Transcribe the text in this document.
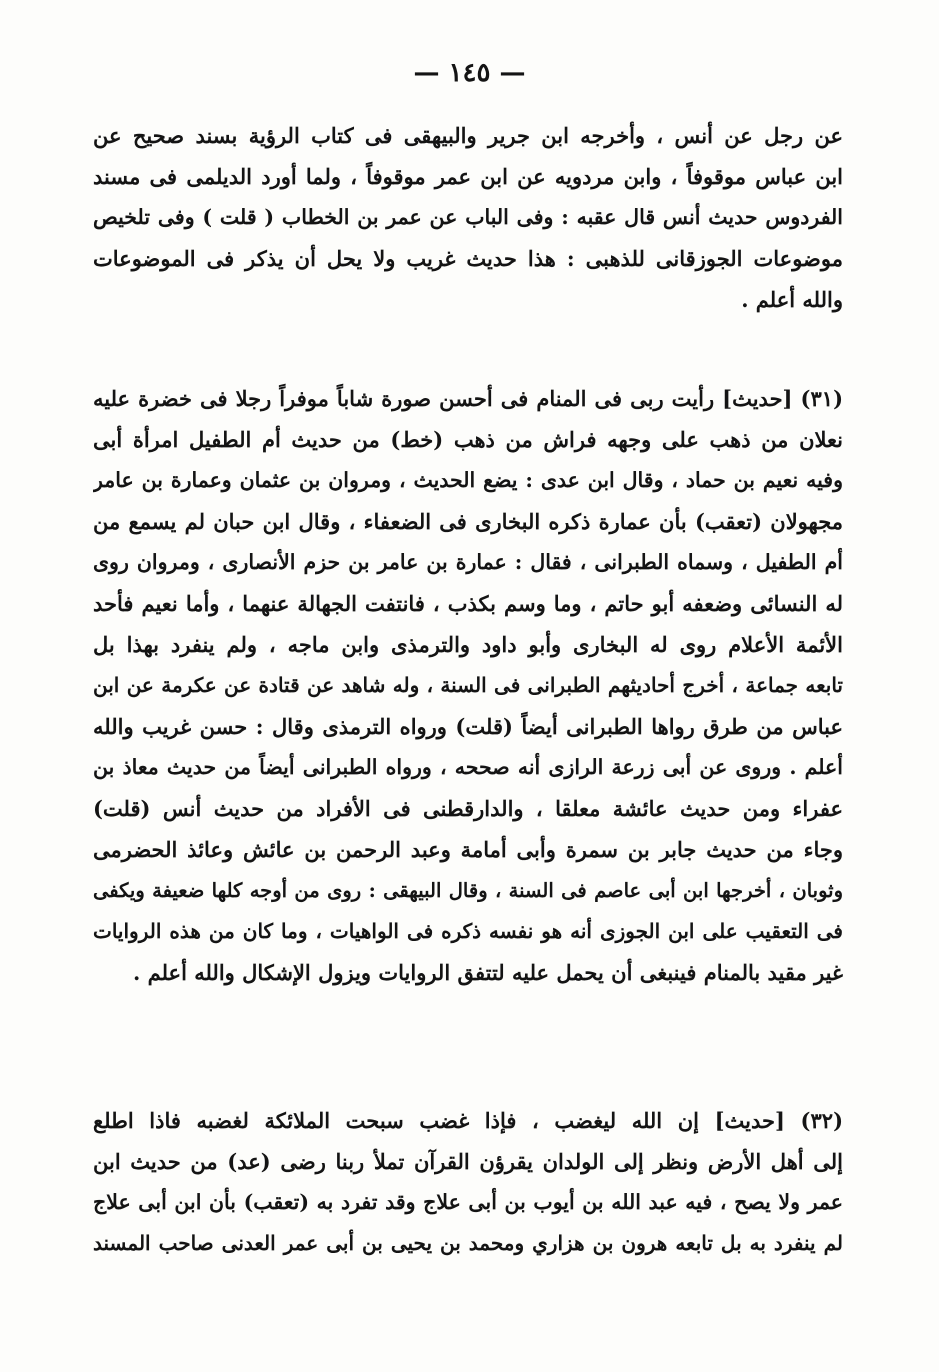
— ١٤٥ —
عن رجل عن أنس ، وأخرجه ابن جرير والبيهقى فى كتاب الرؤية بسند صحيح عن
ابن عباس موقوفاً ، وابن مردويه عن ابن عمر موقوفاً ، ولما أورد الديلمى فى مسند
الفردوس حديث أنس قال عقبه : وفى الباب عن عمر بن الخطاب ( قلت ) وفى تلخيص
موضوعات الجوزقانى للذهبى : هذا حديث غريب ولا يحل أن يذكر فى الموضوعات
والله أعلم .
(٣١) [حديث] رأيت ربى فى المنام فى أحسن صورة شاباً موفراً رجلا فى خضرة عليه
نعلان من ذهب على وجهه فراش من ذهب (خط) من حديث أم الطفيل امرأة أبى
وفيه نعيم بن حماد ، وقال ابن عدى : يضع الحديث ، ومروان بن عثمان وعمارة بن عامر
مجهولان (تعقب) بأن عمارة ذكره البخارى فى الضعفاء ، وقال ابن حبان لم يسمع من
أم الطفيل ، وسماه الطبرانى ، فقال : عمارة بن عامر بن حزم الأنصارى ، ومروان روى
له النسائى وضعفه أبو حاتم ، وما وسم بكذب ، فانتفت الجهالة عنهما ، وأما نعيم فأحد
الأئمة الأعلام روى له البخارى وأبو داود والترمذى وابن ماجه ، ولم ينفرد بهذا بل
تابعه جماعة ، أخرج أحاديثهم الطبرانى فى السنة ، وله شاهد عن قتادة عن عكرمة عن ابن
عباس من طرق رواها الطبرانى أيضاً (قلت) ورواه الترمذى وقال : حسن غريب والله
أعلم . وروى عن أبى زرعة الرازى أنه صححه ، ورواه الطبرانى أيضاً من حديث معاذ بن
عفراء ومن حديث عائشة معلقا ، والدارقطنى فى الأفراد من حديث أنس (قلت)
وجاء من حديث جابر بن سمرة وأبى أمامة وعبد الرحمن بن عائش وعائذ الحضرمى
وثوبان ، أخرجها ابن أبى عاصم فى السنة ، وقال البيهقى : روى من أوجه كلها ضعيفة ويكفى
فى التعقيب على ابن الجوزى أنه هو نفسه ذكره فى الواهيات ، وما كان من هذه الروايات
غير مقيد بالمنام فينبغى أن يحمل عليه لتتفق الروايات ويزول الإشكال والله أعلم .
(٣٢) [حديث] إن الله ليغضب ، فإذا غضب سبحت الملائكة لغضبه فاذا اطلع
إلى أهل الأرض ونظر إلى الولدان يقرؤن القرآن تملأ ربنا رضى (عد) من حديث ابن
عمر ولا يصح ، فيه عبد الله بن أيوب بن أبى علاج وقد تفرد به (تعقب) بأن ابن أبى علاج
لم ينفرد به بل تابعه هرون بن هزاري ومحمد بن يحيى بن أبى عمر العدنى صاحب المسند
